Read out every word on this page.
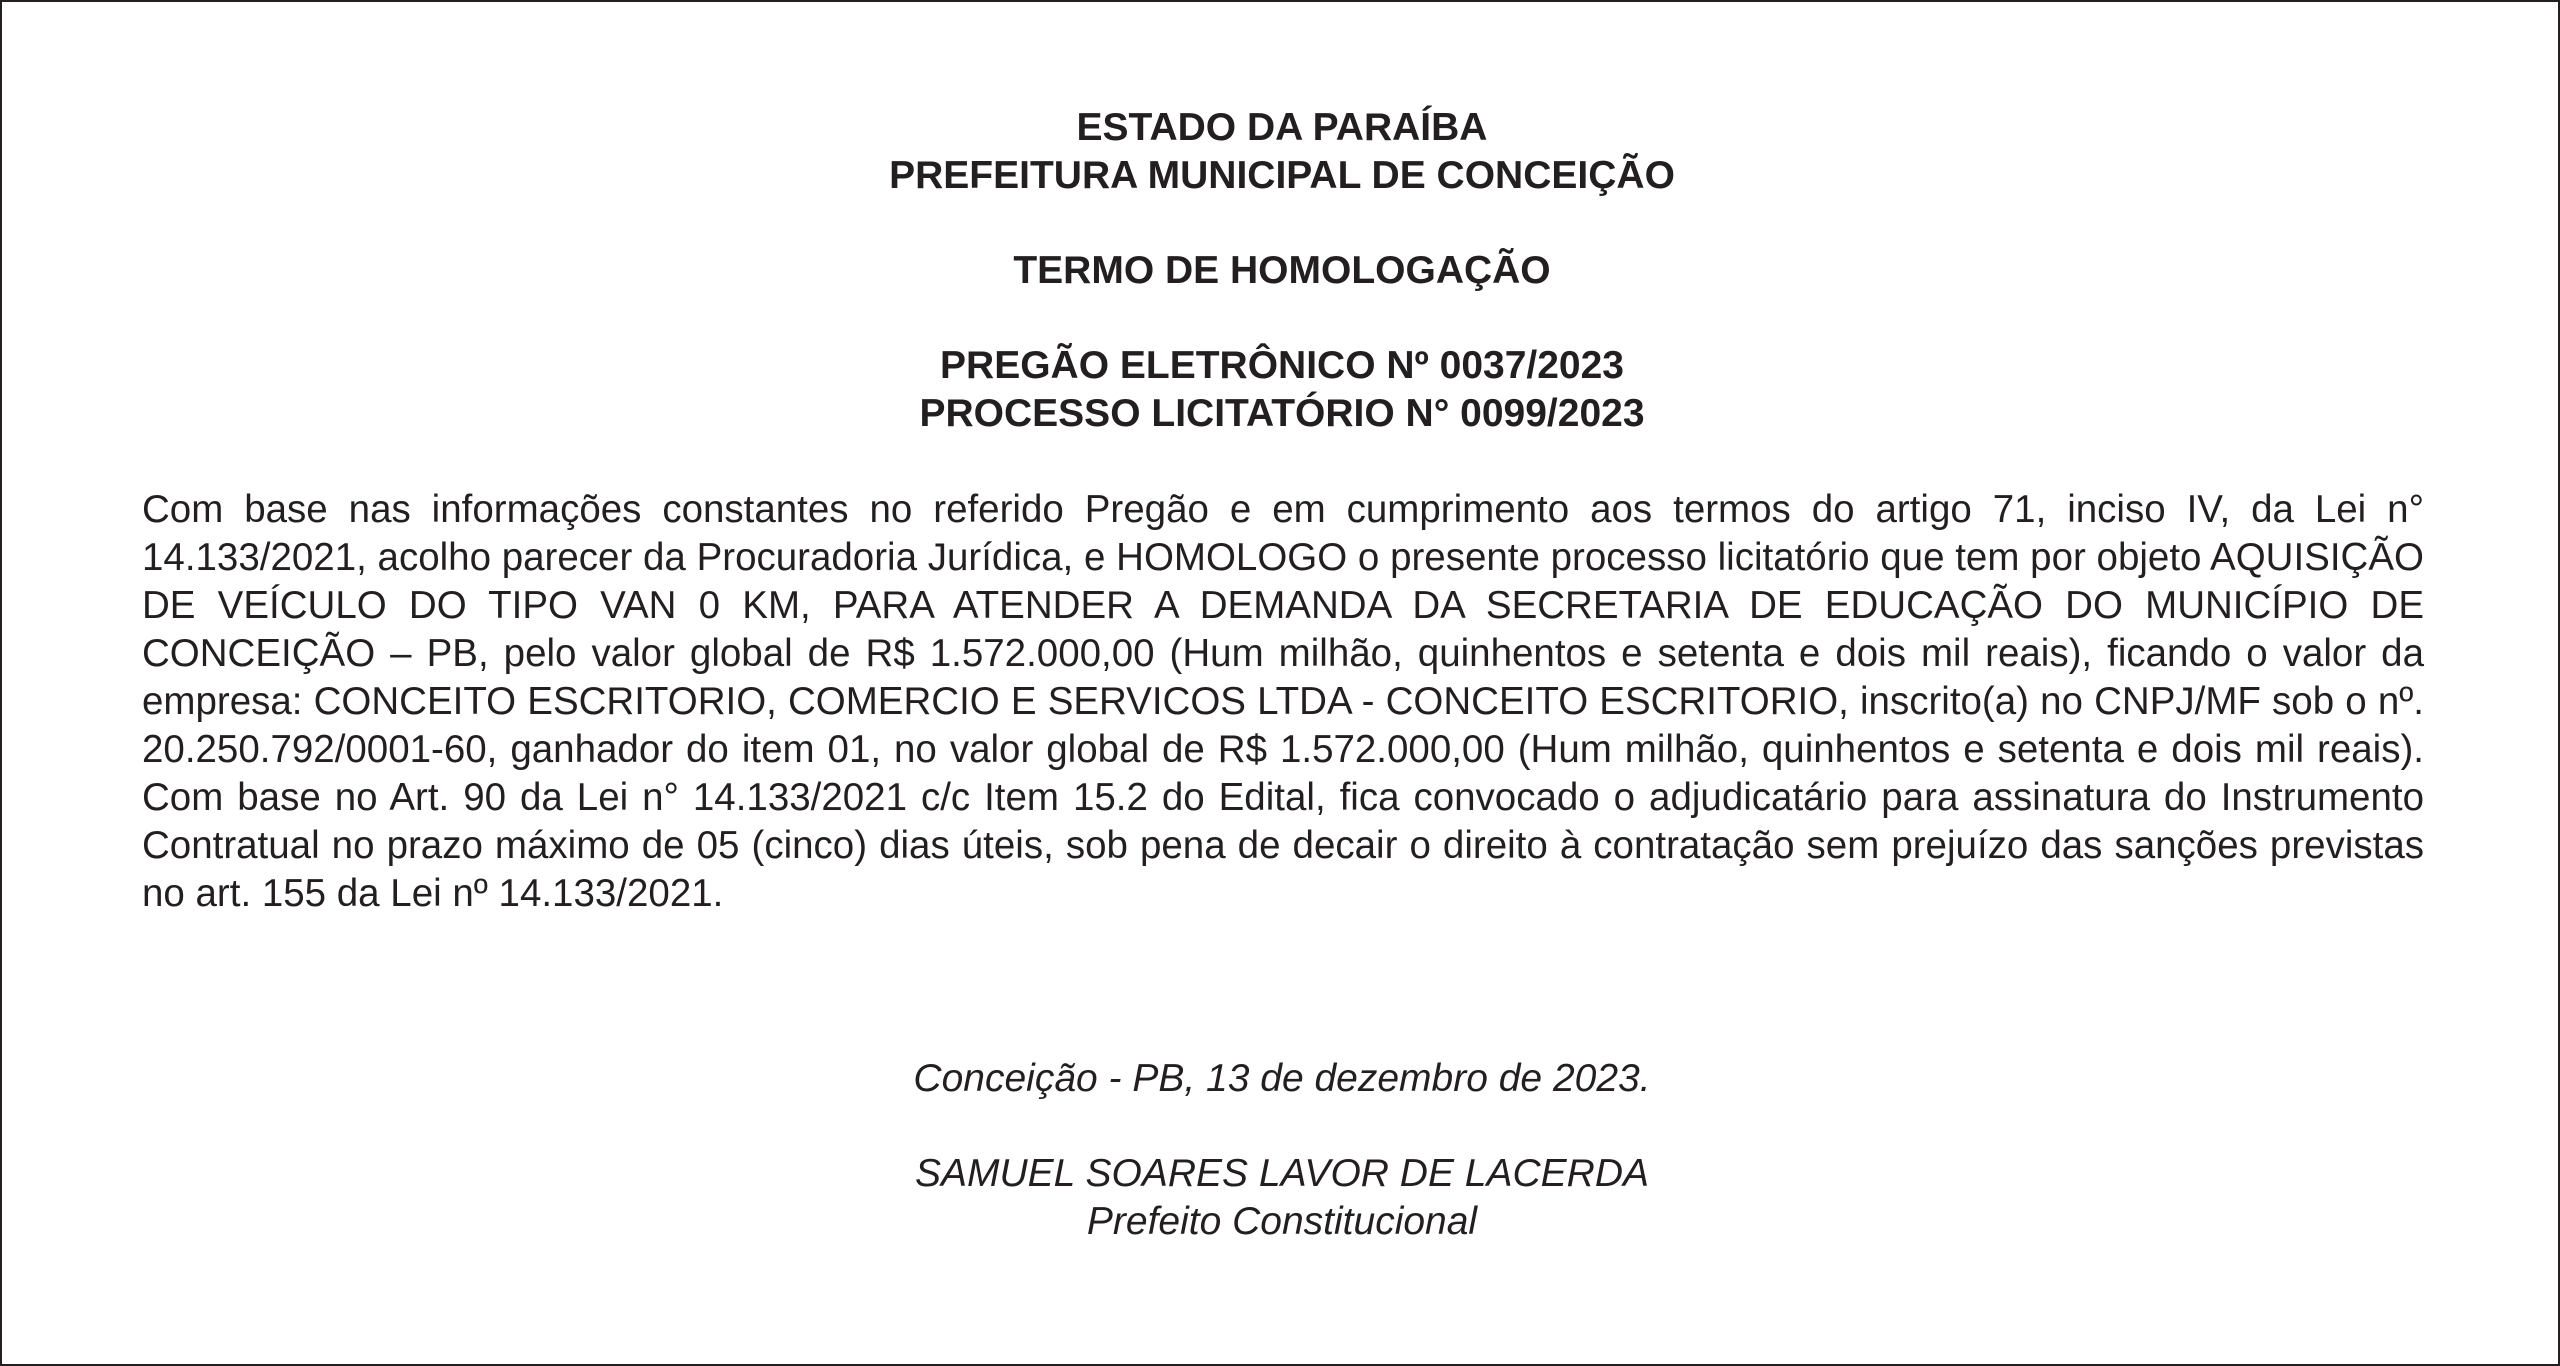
ESTADO DA PARAÍBA
PREFEITURA MUNICIPAL DE CONCEIÇÃO
TERMO DE HOMOLOGAÇÃO
PREGÃO ELETRÔNICO Nº 0037/2023
PROCESSO LICITATÓRIO N° 0099/2023

Com base nas informações constantes no referido Pregão e em cumprimento aos termos do artigo 71, inciso IV, da Lei n° 14.133/2021, acolho parecer da Procuradoria Jurídica, e HOMOLOGO o presente processo licitatório que tem por objeto AQUISIÇÃO DE VEÍCULO DO TIPO VAN 0 KM, PARA ATENDER A DEMANDA DA SECRETARIA DE EDUCAÇÃO DO MUNICÍPIO DE CONCEIÇÃO – PB, pelo valor global de R$ 1.572.000,00 (Hum milhão, quinhentos e setenta e dois mil reais), ficando o valor da empresa: CONCEITO ESCRITORIO, COMERCIO E SERVICOS LTDA - CONCEITO ESCRITORIO, inscrito(a) no CNPJ/MF sob o nº. 20.250.792/0001-60, ganhador do item 01, no valor global de R$ 1.572.000,00 (Hum milhão, quinhentos e setenta e dois mil reais). Com base no Art. 90 da Lei n° 14.133/2021 c/c Item 15.2 do Edital, fica convocado o adjudicatário para assinatura do Instrumento Contratual no prazo máximo de 05 (cinco) dias úteis, sob pena de decair o direito à contratação sem prejuízo das sanções previstas no art. 155 da Lei nº 14.133/2021.

Conceição - PB, 13 de dezembro de 2023.
SAMUEL SOARES LAVOR DE LACERDA
Prefeito Constitucional
